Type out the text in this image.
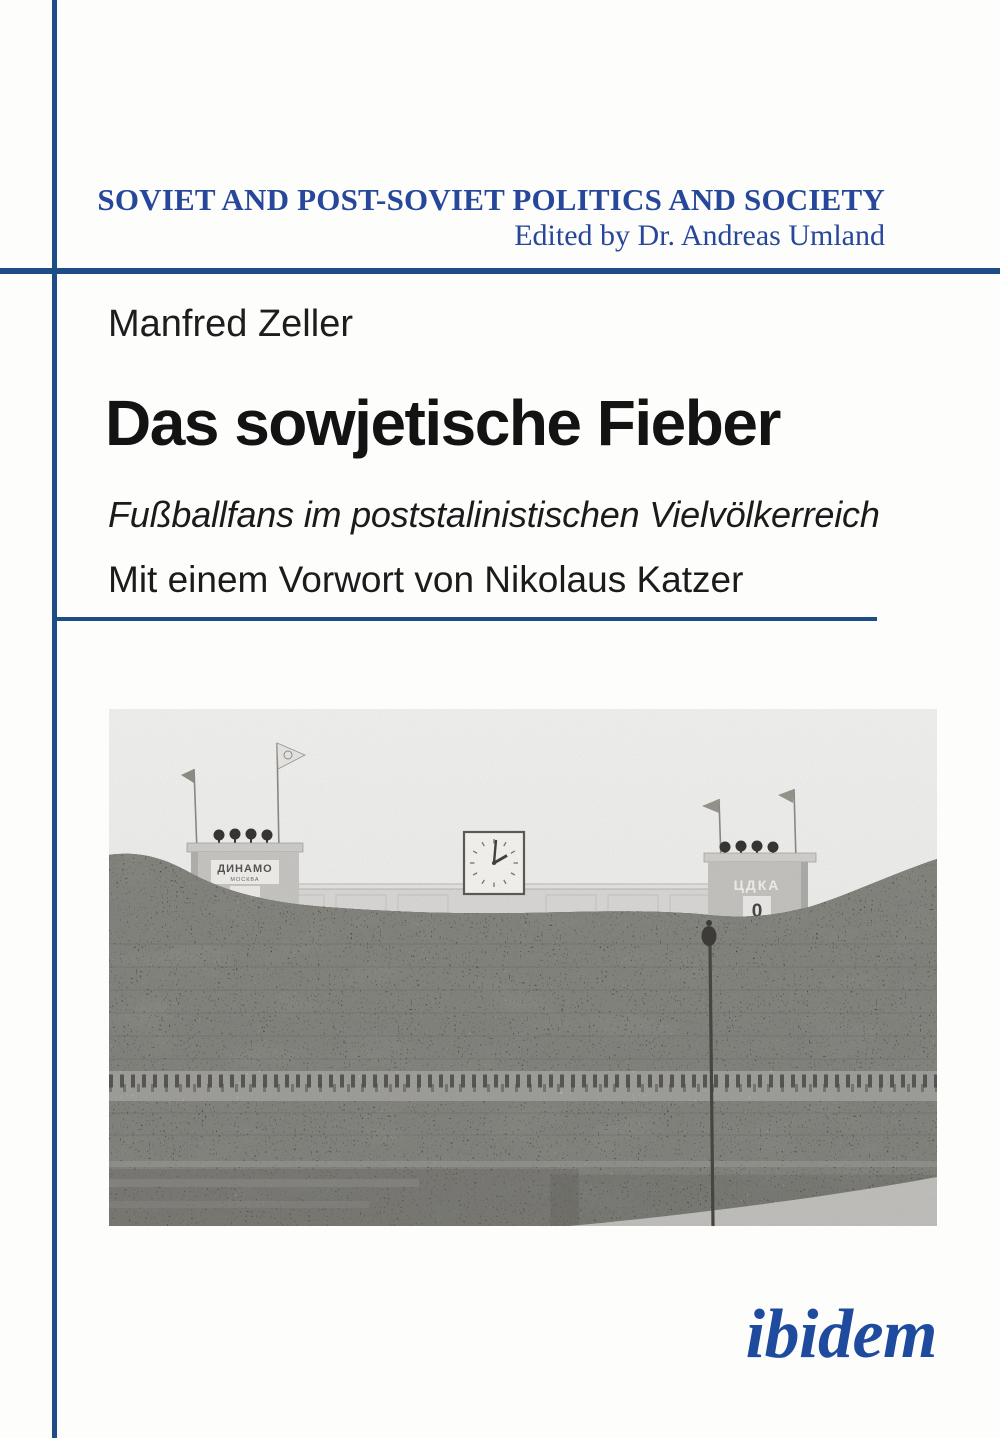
SOVIET AND POST-SOVIET POLITICS AND SOCIETY
Edited by Dr. Andreas Umland
Manfred Zeller
Das sowjetische Fieber
Fußballfans im poststalinistischen Vielvölkerreich
Mit einem Vorwort von Nikolaus Katzer
ДИНАМО
МОСКВА	ЦДКА
0
ibidem
